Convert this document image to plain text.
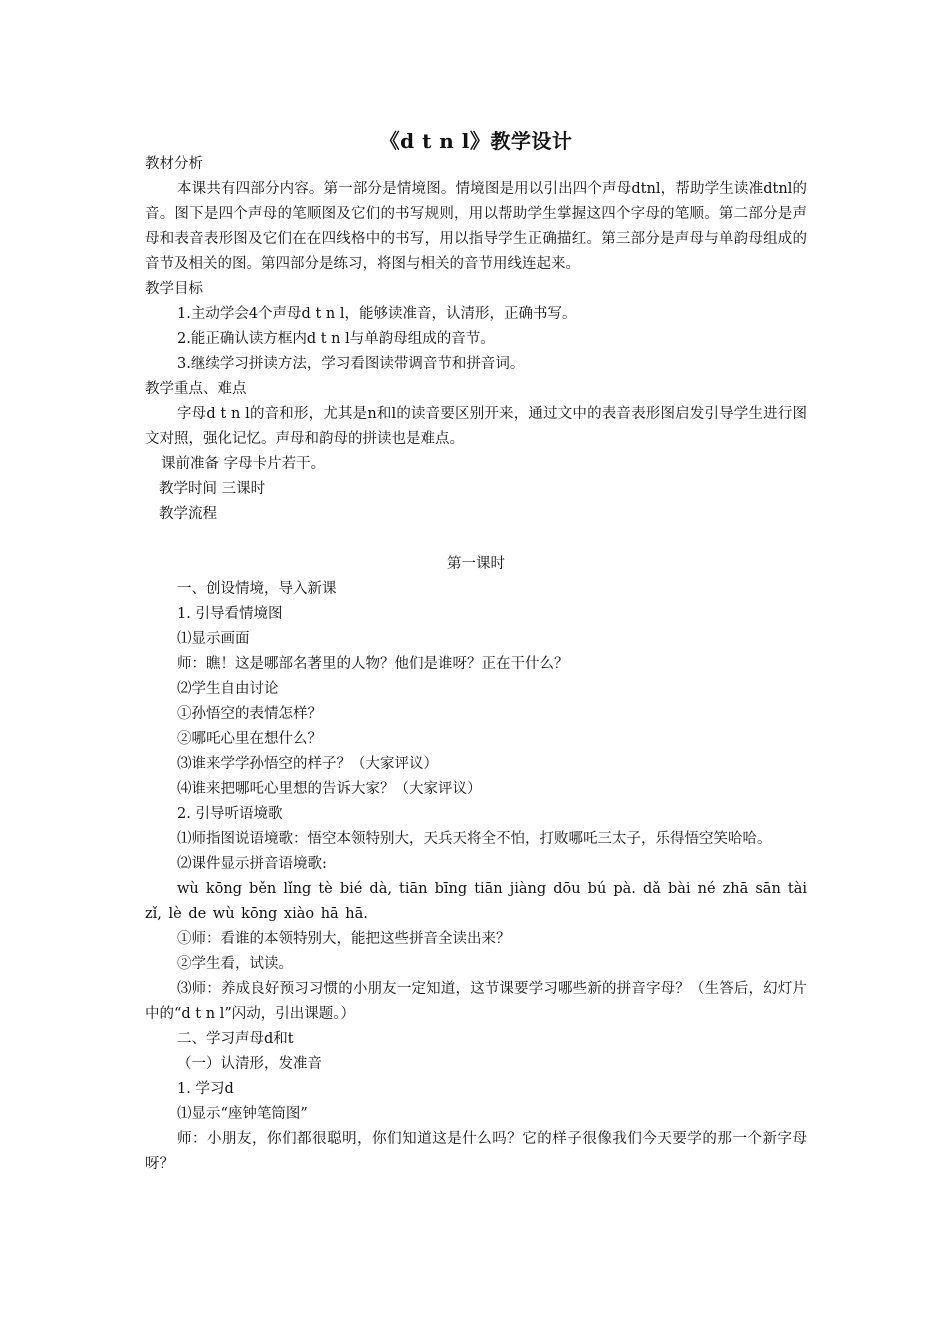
《d t n l》教学设计
教材分析
本课共有四部分内容。第一部分是情境图。情境图是用以引出四个声母dtnl，帮助学生读准dtnl的音。图下是四个声母的笔顺图及它们的书写规则，用以帮助学生掌握这四个字母的笔顺。第二部分是声母和表音表形图及它们在在四线格中的书写，用以指导学生正确描红。第三部分是声母与单韵母组成的音节及相关的图。第四部分是练习，将图与相关的音节用线连起来。
教学目标
1.主动学会4个声母d t n l，能够读准音，认清形，正确书写。
2.能正确认读方框内d t n l与单韵母组成的音节。
3.继续学习拼读方法，学习看图读带调音节和拼音词。
教学重点、难点
字母d t n l的音和形，尤其是n和l的读音要区别开来，通过文中的表音表形图启发引导学生进行图文对照，强化记忆。声母和韵母的拼读也是难点。
课前准备 字母卡片若干。
教学时间 三课时
教学流程
第一课时
一、创设情境，导入新课
1. 引导看情境图
⑴显示画面
师：瞧！这是哪部名著里的人物？他们是谁呀？正在干什么？
⑵学生自由讨论
①孙悟空的表情怎样？
②哪吒心里在想什么？
⑶谁来学学孙悟空的样子？（大家评议）
⑷谁来把哪吒心里想的告诉大家？（大家评议）
2. 引导听语境歌
⑴师指图说语境歌：悟空本领特别大，天兵天将全不怕，打败哪吒三太子，乐得悟空笑哈哈。
⑵课件显示拼音语境歌:
wù kōng běn lǐng tè bié dà, tiān bīng tiān jiàng dōu bú pà. dǎ bài né zhā sān tài zǐ, lè de wù kōng xiào hā hā.
①师：看谁的本领特别大，能把这些拼音全读出来？
②学生看，试读。
⑶师：养成良好预习习惯的小朋友一定知道，这节课要学习哪些新的拼音字母？（生答后，幻灯片中的“d t n l”闪动，引出课题。）
二、学习声母d和t
（一）认清形，发准音
1. 学习d
⑴显示“座钟笔筒图”
师：小朋友，你们都很聪明，你们知道这是什么吗？它的样子很像我们今天要学的那一个新字母呀？
